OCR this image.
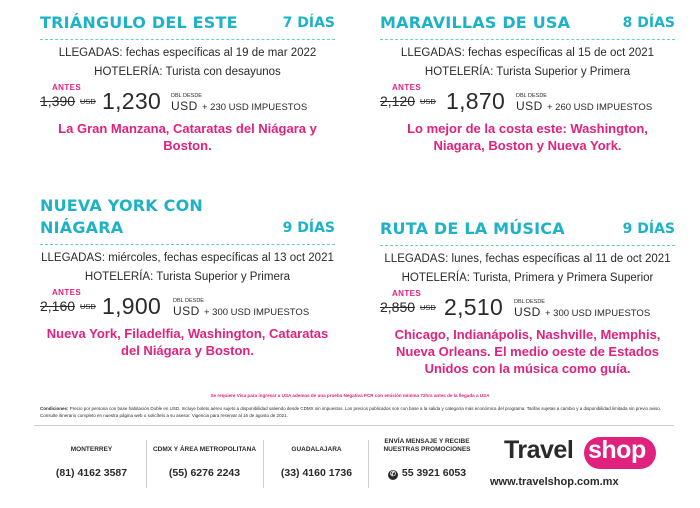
TRIÁNGULO DEL ESTE	7 DÍAS
LLEGADAS: fechas específicas al 19 de mar 2022
HOTELERÍA: Turista con desayunos
ANTES
1,390 USD 1,230 DBL DESDE
USD + 230 USD IMPUESTOS
La Gran Manzana, Cataratas del Niágara y Boston.
MARAVILLAS DE USA	8 DÍAS
LLEGADAS: fechas específicas al 15 de oct 2021
HOTELERÍA: Turista Superior y Primera
ANTES
2,120 USD 1,870 DBL DESDE
USD + 260 USD IMPUESTOS
Lo mejor de la costa este: Washington, Niagara, Boston y Nueva York.
NUEVA YORK CON NIÁGARA	9 DÍAS
LLEGADAS: miércoles, fechas específicas al 13 oct 2021
HOTELERÍA: Turista Superior y Primera
ANTES
2,160 USD 1,900 DBL DESDE
USD + 300 USD IMPUESTOS
Nueva York, Filadelfia, Washington, Cataratas del Niágara y Boston.
RUTA DE LA MÚSICA	9 DÍAS
LLEGADAS: lunes, fechas específicas al 11 de oct 2021
HOTELERÍA: Turista, Primera y Primera Superior
ANTES
2,850 USD 2,510 DBL DESDE
USD + 300 USD IMPUESTOS
Chicago, Indianápolis, Nashville, Memphis, Nueva Orleans. El medio oeste de Estados Unidos con la música como guía.
Se requiere Visa para ingresar a USA ademas de una prueba Negativa PCR con emisión mínima 72hrs antes de la llegada a USA
Condiciones: Precio por persona con base habitación Doble en USD. Incluye boleto aéreo sujeto a disponibilidad saliendo desde CDMX sin impuestos. Los precios publicados son con base a la salida y categoría más económica del programa. Tarifas sujetas a cambio y a disponibilidad limitada sin previo aviso. Consulte itinerario completo en nuestra página web o solicítelo a su asesor. Vigencia para reservar al 16 de agosto de 2021.
MONTERREY
(81) 4162 3587
CDMX Y ÁREA METROPOLITANA
(55) 6276 2243
GUADALAJARA
(33) 4160 1736
ENVÍA MENSAJE Y RECIBE NUESTRAS PROMOCIONES
✆ 55 3921 6053
Travel shop
www.travelshop.com.mx
